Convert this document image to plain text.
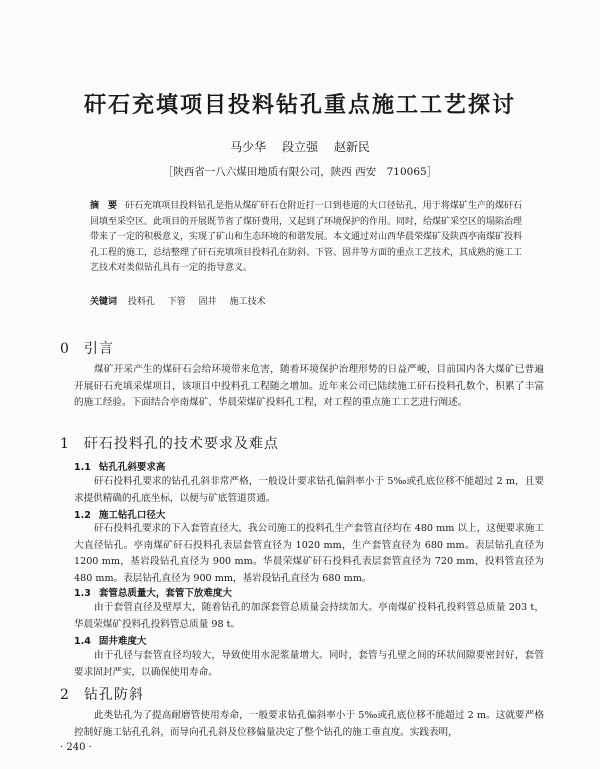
矸石充填项目投料钻孔重点施工工艺探讨
马少华 段立强 赵新民
［陕西省一八六煤田地质有限公司，陕西 西安　710065］
摘　要 矸石充填项目投料钻孔是指从煤矿矸石仓附近打一口到巷道的大口径钻孔，用于将煤矿生产的煤矸石回填至采空区。此项目的开展既节省了煤矸费用，又起到了环境保护的作用。同时，给煤矿采空区的塌陷治理带来了一定的积极意义，实现了矿山和生态环境的和谐发展。本文通过对山西华晨荣煤矿及陕西亭南煤矿投料孔工程的施工，总结整理了矸石充填项目投料孔在防斜、下管、固井等方面的重点工艺技术，其成熟的施工工艺技术对类似钻孔具有一定的指导意义。
关键词 投料孔 下管 固井 施工技术
0 引言
煤矿开采产生的煤矸石会给环境带来危害，随着环境保护治理形势的日益严峻，目前国内各大煤矿已普遍开展矸石充填采煤项目，该项目中投料孔工程随之增加。近年来公司已陆续施工矸石投料孔数个，积累了丰富的施工经验。下面结合亭南煤矿、华晨荣煤矿投料孔工程，对工程的重点施工工艺进行阐述。
1 矸石投料孔的技术要求及难点
1.1 钻孔孔斜要求高
矸石投料孔要求的钻孔孔斜非常严格，一般设计要求钻孔偏斜率小于 5‰或孔底位移不能超过 2 m，且要求提供精确的孔底坐标，以便与矿底管道贯通。
1.2 施工钻孔口径大
矸石投料孔要求的下入套管直径大，我公司施工的投料孔生产套管直径均在 480 mm 以上，这便要求施工大直径钻孔。亭南煤矿矸石投料孔表层套管直径为 1020 mm，生产套管直径为 680 mm。表层钻孔直径为 1200 mm，基岩段钻孔直径为 900 mm。华晨荣煤矿矸石投料孔表层套管直径为 720 mm，投料管直径为 480 mm。表层钻孔直径为 900 mm，基岩段钻孔直径为 680 mm。
1.3 套管总质量大，套管下放难度大
由于套管直径及壁厚大，随着钻孔的加深套管总质量会持续加大。亭南煤矿投料孔投料管总质量 203 t，华晨荣煤矿投料孔投料管总质量 98 t。
1.4 固井难度大
由于孔径与套管直径均较大，导致使用水泥浆量增大。同时，套管与孔壁之间的环状间隙要密封好，套管要求固封严实，以确保使用寿命。
2 钻孔防斜
此类钻孔为了提高耐磨管使用寿命，一般要求钻孔偏斜率小于 5‰或孔底位移不能超过 2 m。这就要严格控制好施工钻孔孔斜，而导向孔孔斜及位移偏量决定了整个钻孔的施工垂直度。实践表明，
· 240 ·
